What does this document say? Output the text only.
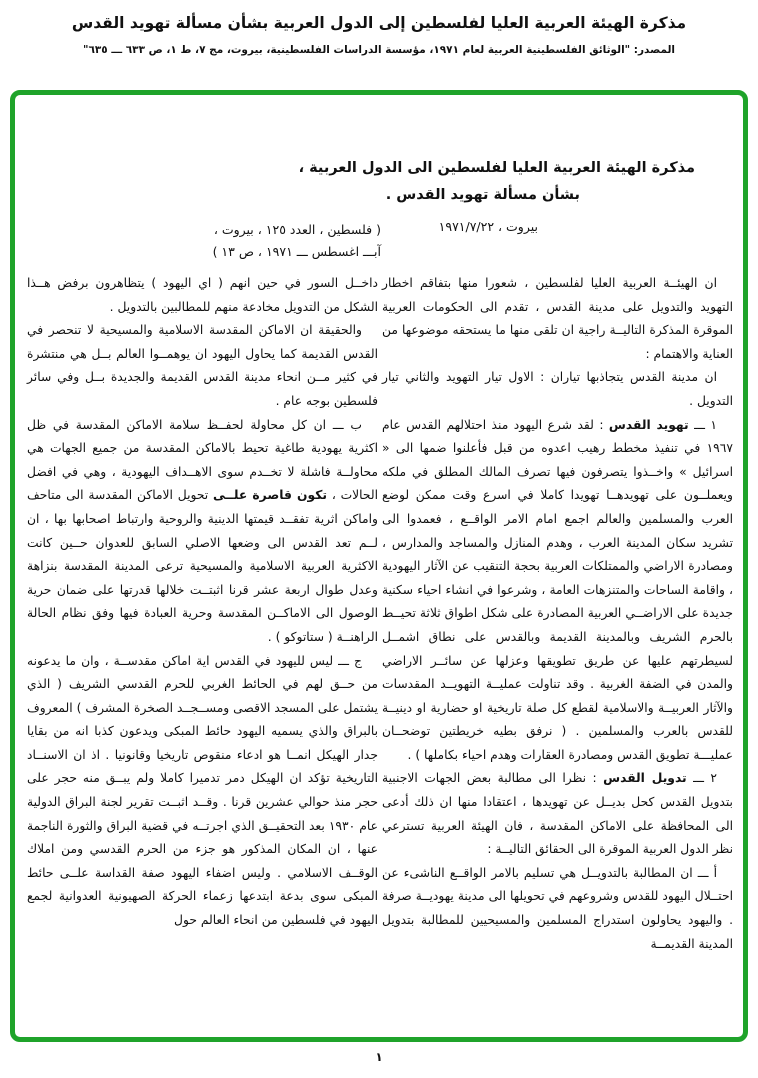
مذكرة الهيئة العربية العليا لفلسطين إلى الدول العربية بشأن مسألة تهويد القدس
المصدر: "الوثائق الفلسطينية العربية لعام ١٩٧١، مؤسسة الدراسات الفلسطينية، بيروت، مج ٧، ط ١، ص ٦٣٣ ـــ ٦٣٥"
مذكرة الهيئة العربية العليا لفلسطين الى الدول العربية ،
بشأن مسألة تهويد القدس .
بيروت ، ١٩٧١/٧/٢٢
( فلسطين ، العدد ١٢٥ ، بيروت ،
آبـــ اغسطس ـــ ١٩٧١ ، ص ١٣ )

ان الهيئــة العربية العليا لفلسطين ، شعورا منها بتفاقم اخطار التهويد والتدويل على مدينة القدس ، تقدم الى الحكومات العربية الموقرة المذكرة التاليــة راجية ان تلقى منها ما يستحقه موضوعها من العناية والاهتمام :

ان مدينة القدس يتجاذبها تياران : الاول تيار التهويد والثاني تيار التدويل .

١ ـــ تهويد القدس : لقد شرع اليهود منذ احتلالهم القدس عام ١٩٦٧ في تنفيذ مخطط رهيب اعدوه من قبل فأعلنوا ضمها الى « اسرائيل » واخــذوا يتصرفون فيها تصرف المالك المطلق في ملكه ويعملــون على تهويدهــا تهويدا كاملا في اسرع وقت ممكن لوضع العرب والمسلمين والعالم اجمع امام الامر الواقــع ، فعمدوا الى تشريد سكان المدينة العرب ، وهدم المنازل والمساجد والمدارس ، ومصادرة الاراضي والممتلكات العربية بحجة التنقيب عن الآثار اليهودية ، واقامة الساحات والمتنزهات العامة ، وشرعوا في انشاء احياء سكنية جديدة على الاراضــي العربية المصادرة على شكل اطواق ثلاثة تحيــط بالحرم الشريف وبالمدينة القديمة وبالقدس على نطاق اشمــل لسيطرتهم عليها عن طريق تطويقها وعزلها عن سائــر الاراضي والمدن في الضفة الغربية . وقد تناولت عمليــة التهويــد المقدسات والآثار العربيــة والاسلامية لقطع كل صلة تاريخية او حضارية او دينيــة للقدس بالعرب والمسلمين . ( نرفق بطيه خريطتين توضحــان عمليـــة تطويق القدس ومصادرة العقارات وهدم احياء بكاملها ) .

٢ ـــ تدويل القدس : نظرا الى مطالبة بعض الجهات الاجنبية بتدويل القدس كحل بديــل عن تهويدها ، اعتقادا منها ان ذلك أدعى الى المحافظة على الاماكن المقدسة ، فان الهيئة العربية تسترعي نظر الدول العربية الموقرة الى الحقائق التاليــة :

أ ـــ ان المطالبة بالتدويــل هي تسليم بالامر الواقــع الناشىء عن احتــلال اليهود للقدس وشروعهم في تحويلها الى مدينة يهوديــة صرفة . واليهود يحاولون استدراج المسلمين والمسيحيين للمطالبة بتدويل المدينة القديمــة

داخــل السور في حين انهم ( اي اليهود ) يتظاهرون برفض هــذا الشكل من التدويل مخادعة منهم للمطالبين بالتدويل .

والحقيقة ان الاماكن المقدسة الاسلامية والمسيحية لا تنحصر في القدس القديمة كما يحاول اليهود ان يوهمــوا العالم بــل هي منتشرة في كثير مــن انحاء مدينة القدس القديمة والجديدة بــل وفي سائر فلسطين بوجه عام .

ب ـــ ان كل محاولة لحفــظ سلامة الاماكن المقدسة في ظل اكثرية يهودية طاغية تحيط بالاماكن المقدسة من جميع الجهات هي محاولــة فاشلة لا تخــدم سوى الاهــداف اليهودية ، وهي في افضل الحالات ، تكون قاصرة علــى تحويل الاماكن المقدسة الى متاحف واماكن اثرية تفقــد قيمتها الدينية والروحية وارتباط اصحابها بها ، ان لــم تعد القدس الى وضعها الاصلي السابق للعدوان حــين كانت الاكثرية العربية الاسلامية والمسيحية ترعى المدينة المقدسة بنزاهة وعدل طوال اربعة عشر قرنا اثبتــت خلالها قدرتها على ضمان حرية الوصول الى الاماكــن المقدسة وحرية العبادة فيها وفق نظام الحالة الراهنــة ( ستاتوكو ) .

ج ـــ ليس لليهود في القدس اية اماكن مقدســة ، وان ما يدعونه من حــق لهم في الحائط الغربي للحرم القدسي الشريف ( الذي يشتمل على المسجد الاقصى ومســجــد الصخرة المشرف ) المعروف بالبراق والذي يسميه اليهود حائط المبكى ويدعون كذبا انه من بقايا جدار الهيكل انمــا هو ادعاء منقوص تاريخيا وقانونيا . اذ ان الاسنــاد التاريخية تؤكد ان الهيكل دمر تدميرا كاملا ولم يبــق منه حجر على حجر منذ حوالي عشرين قرنا . وقــد اثبــت تقرير لجنة البراق الدولية عام ١٩٣٠ بعد التحقيــق الذي اجرتــه في قضية البراق والثورة الناجمة عنها ، ان المكان المذكور هو جزء من الحرم القدسي ومن املاك الوقــف الاسلامي . وليس اضفاء اليهود صفة القداسة علــى حائط المبكى سوى بدعة ابتدعها زعماء الحركة الصهيونية العدوانية لجمع اليهود في فلسطين من انحاء العالم حول

١
